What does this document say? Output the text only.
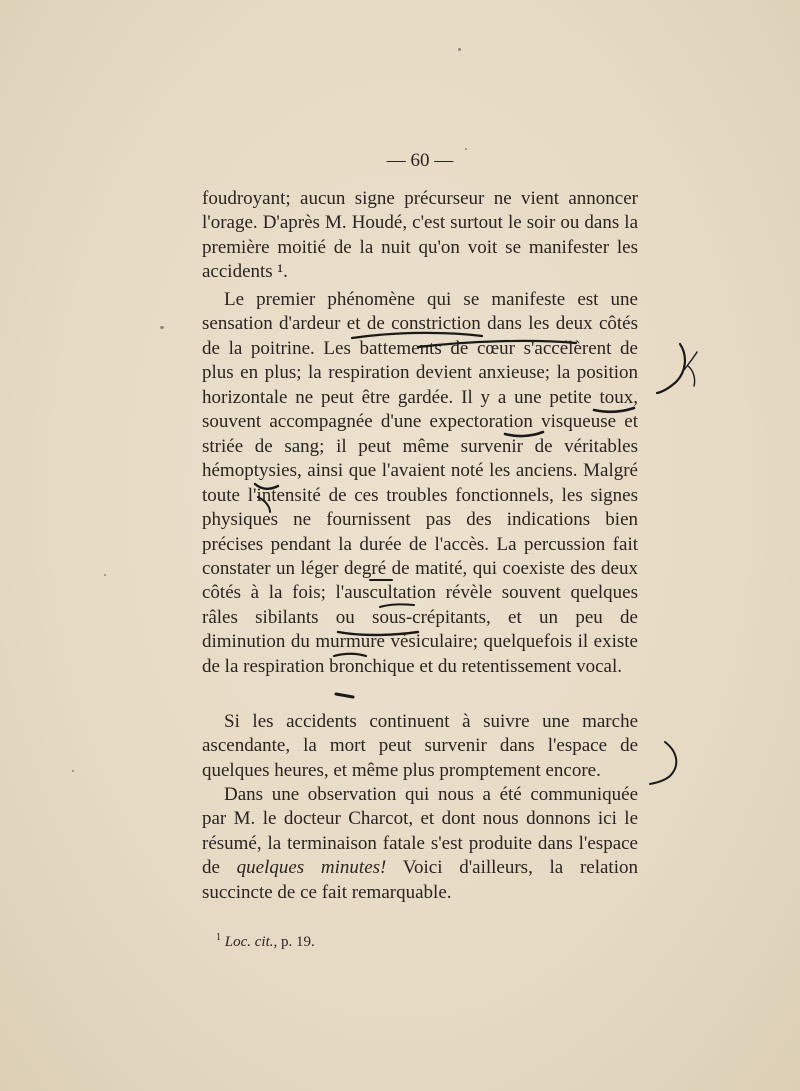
— 60 —

foudroyant; aucun signe précurseur ne vient annoncer l'orage. D'après M. Houdé, c'est surtout le soir ou dans la première moitié de la nuit qu'on voit se manifester les accidents ¹.

Le premier phénomène qui se manifeste est une sensation d'ardeur et de constriction dans les deux côtés de la poitrine. Les battements de cœur s'accélèrent de plus en plus; la respiration devient anxieuse; la position horizontale ne peut être gardée. Il y a une petite toux, souvent accompagnée d'une expectoration visqueuse et striée de sang; il peut même survenir de véritables hémoptysies, ainsi que l'avaient noté les anciens. Malgré toute l'intensité de ces troubles fonctionnels, les signes physiques ne fournissent pas des indications bien précises pendant la durée de l'accès. La percussion fait constater un léger degré de matité, qui coexiste des deux côtés à la fois; l'auscultation révèle souvent quelques râles sibilants ou sous-crépitants, et un peu de diminution du murmure vésiculaire; quelquefois il existe de la respiration bronchique et du retentissement vocal.

Si les accidents continuent à suivre une marche ascendante, la mort peut survenir dans l'espace de quelques heures, et même plus promptement encore.

Dans une observation qui nous a été communiquée par M. le docteur Charcot, et dont nous donnons ici le résumé, la terminaison fatale s'est produite dans l'espace de quelques minutes! Voici d'ailleurs, la relation succincte de ce fait remarquable.

$^1$ Loc. cit., p. 19.
